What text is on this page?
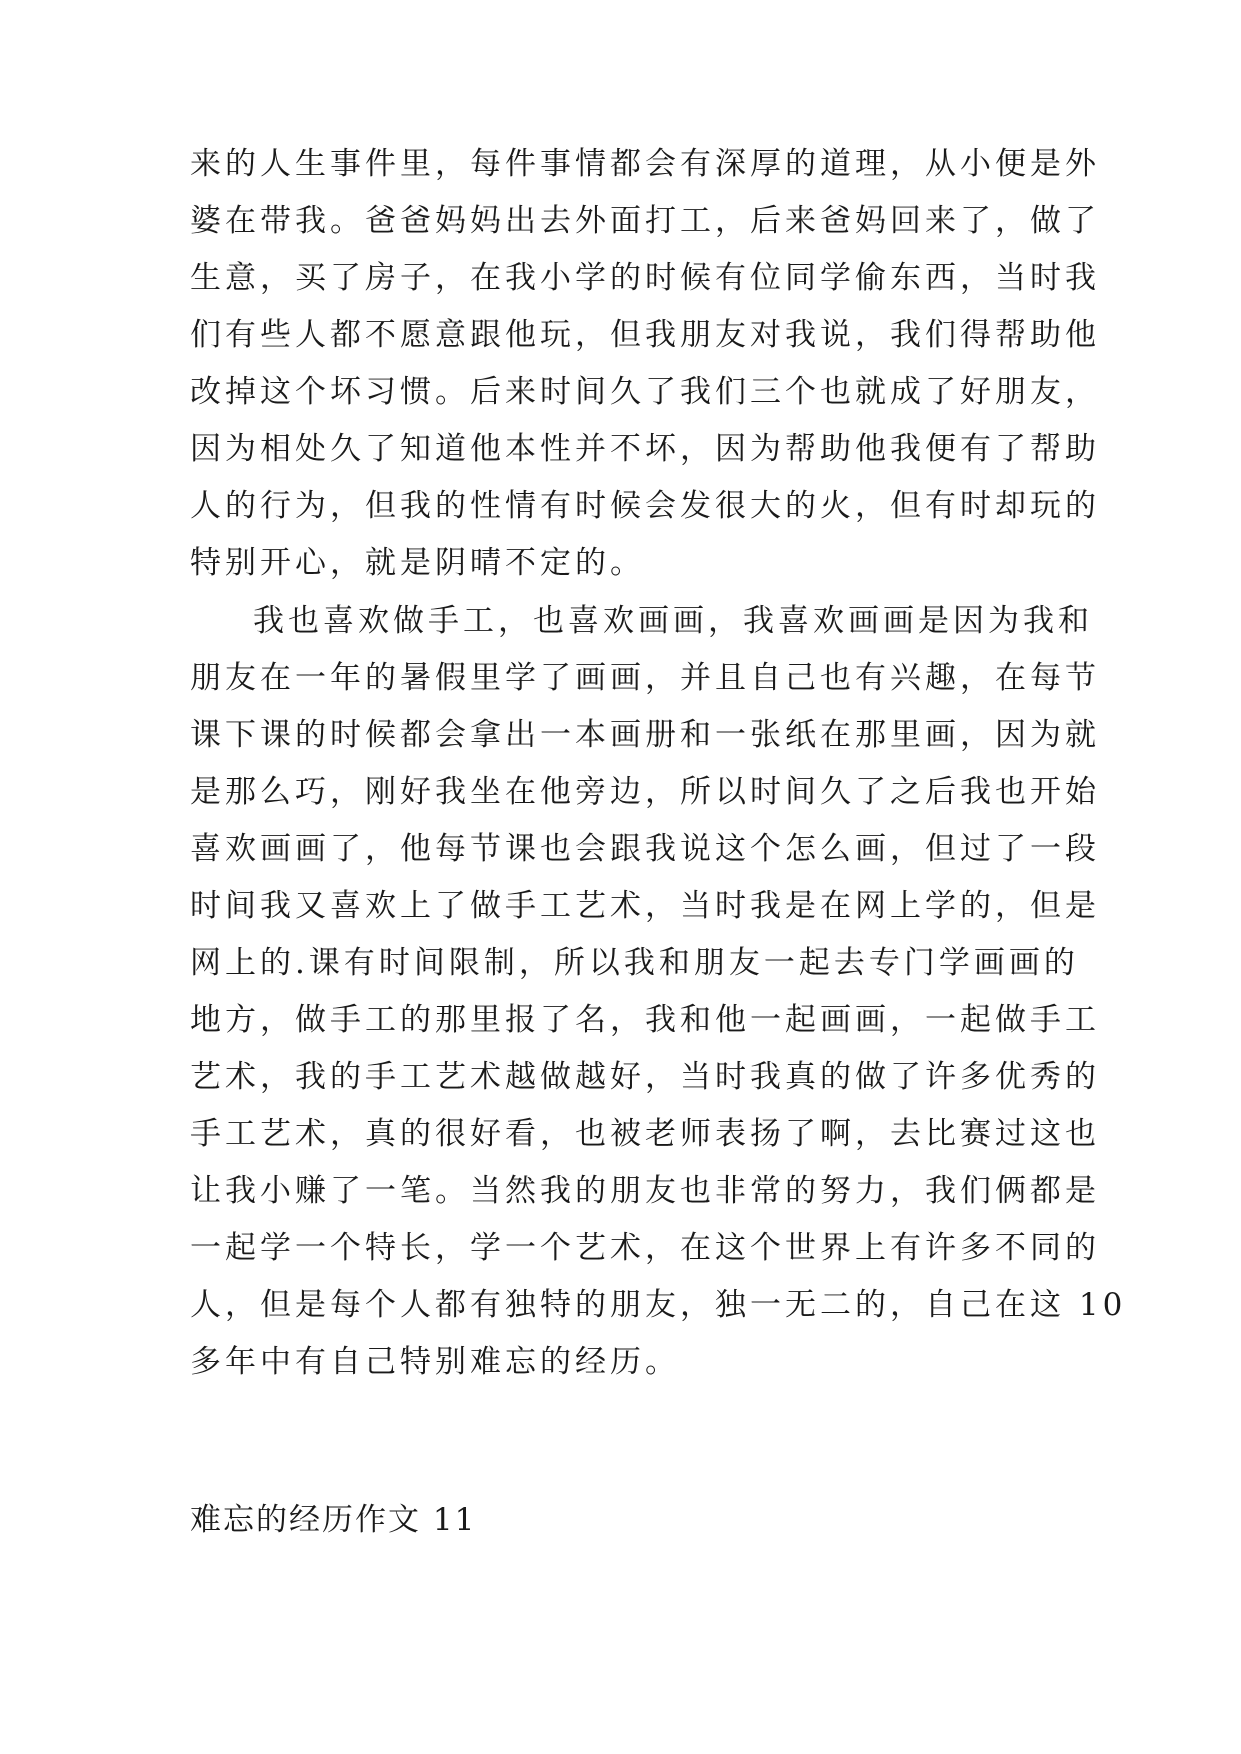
来的人生事件里，每件事情都会有深厚的道理，从小便是外
婆在带我。爸爸妈妈出去外面打工，后来爸妈回来了，做了
生意，买了房子，在我小学的时候有位同学偷东西，当时我
们有些人都不愿意跟他玩，但我朋友对我说，我们得帮助他
改掉这个坏习惯。后来时间久了我们三个也就成了好朋友，
因为相处久了知道他本性并不坏，因为帮助他我便有了帮助
人的行为，但我的性情有时候会发很大的火，但有时却玩的
特别开心，就是阴晴不定的。
我也喜欢做手工，也喜欢画画，我喜欢画画是因为我和
朋友在一年的暑假里学了画画，并且自己也有兴趣，在每节
课下课的时候都会拿出一本画册和一张纸在那里画，因为就
是那么巧，刚好我坐在他旁边，所以时间久了之后我也开始
喜欢画画了，他每节课也会跟我说这个怎么画，但过了一段
时间我又喜欢上了做手工艺术，当时我是在网上学的，但是
网上的.课有时间限制，所以我和朋友一起去专门学画画的
地方，做手工的那里报了名，我和他一起画画，一起做手工
艺术，我的手工艺术越做越好，当时我真的做了许多优秀的
手工艺术，真的很好看，也被老师表扬了啊，去比赛过这也
让我小赚了一笔。当然我的朋友也非常的努力，我们俩都是
一起学一个特长，学一个艺术，在这个世界上有许多不同的
人，但是每个人都有独特的朋友，独一无二的，自己在这 10
多年中有自己特别难忘的经历。
难忘的经历作文 11
